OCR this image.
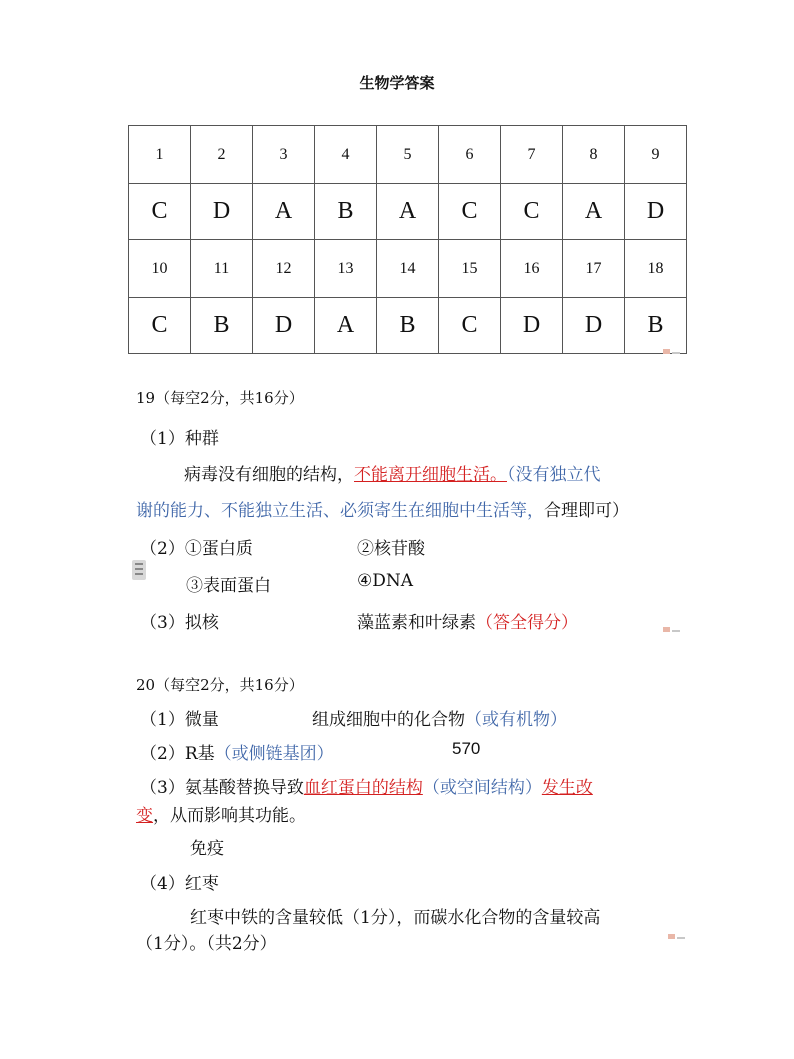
生物学答案
1	2	3	4	5	6	7	8	9
C	D	A	B	A	C	C	A	D
10	11	12	13	14	15	16	17	18
C	B	D	A	B	C	D	D	B
19（每空2分，共16分）
（1）种群
病毒没有细胞的结构，不能离开细胞生活。（没有独立代
谢的能力、不能独立生活、必须寄生在细胞中生活等，合理即可）
（2）①蛋白质	②核苷酸
③表面蛋白	④DNA
（3）拟核	藻蓝素和叶绿素（答全得分）
20（每空2分，共16分）
（1）微量	组成细胞中的化合物（或有机物）
（2）R基（或侧链基团）	570
（3）氨基酸替换导致血红蛋白的结构（或空间结构）发生改
变，从而影响其功能。
免疫
（4）红枣
红枣中铁的含量较低（1分），而碳水化合物的含量较高
（1分）。（共2分）
